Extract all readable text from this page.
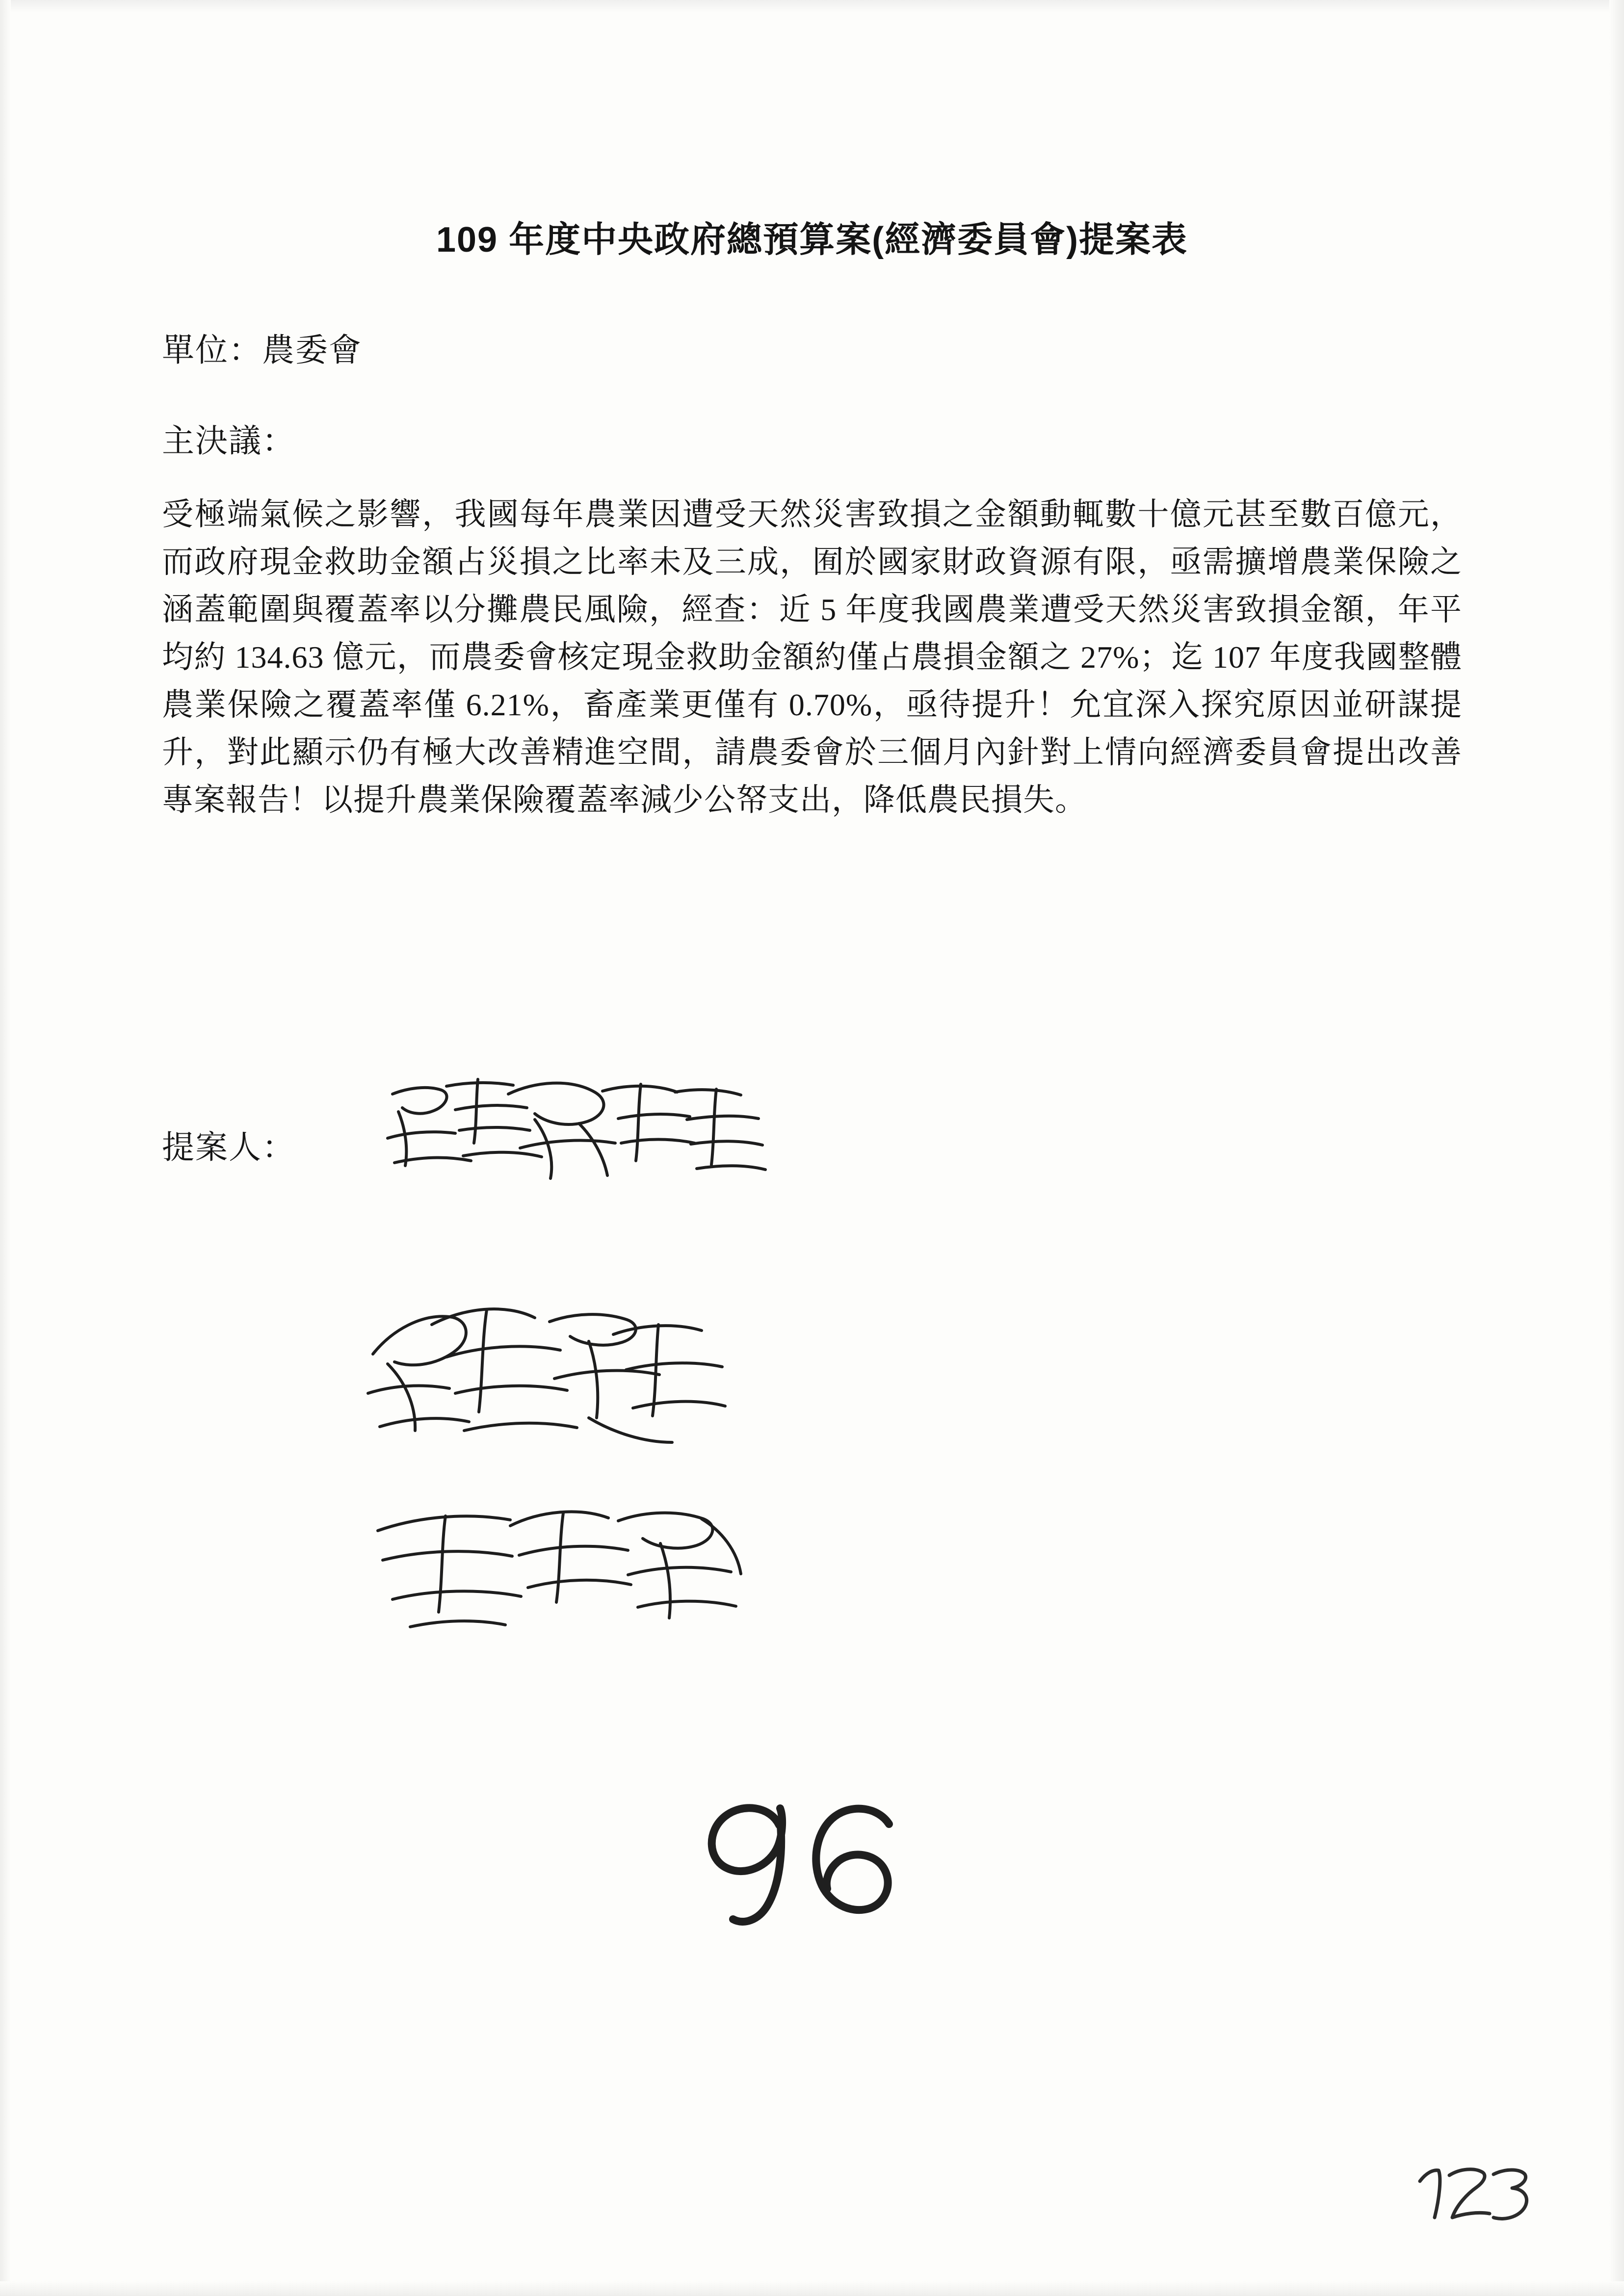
109 年度中央政府總預算案(經濟委員會)提案表
單位：農委會
主決議：
受極端氣候之影響，我國每年農業因遭受天然災害致損之金額動輒數十億元甚至數百億元，而政府現金救助金額占災損之比率未及三成，囿於國家財政資源有限，亟需擴增農業保險之涵蓋範圍與覆蓋率以分攤農民風險，經查：近 5 年度我國農業遭受天然災害致損金額，年平均約 134.63 億元，而農委會核定現金救助金額約僅占農損金額之 27%；迄 107 年度我國整體農業保險之覆蓋率僅 6.21%，畜產業更僅有 0.70%，亟待提升！允宜深入探究原因並研謀提升，對此顯示仍有極大改善精進空間，請農委會於三個月內針對上情向經濟委員會提出改善專案報告！以提升農業保險覆蓋率減少公帑支出，降低農民損失。
提案人：
